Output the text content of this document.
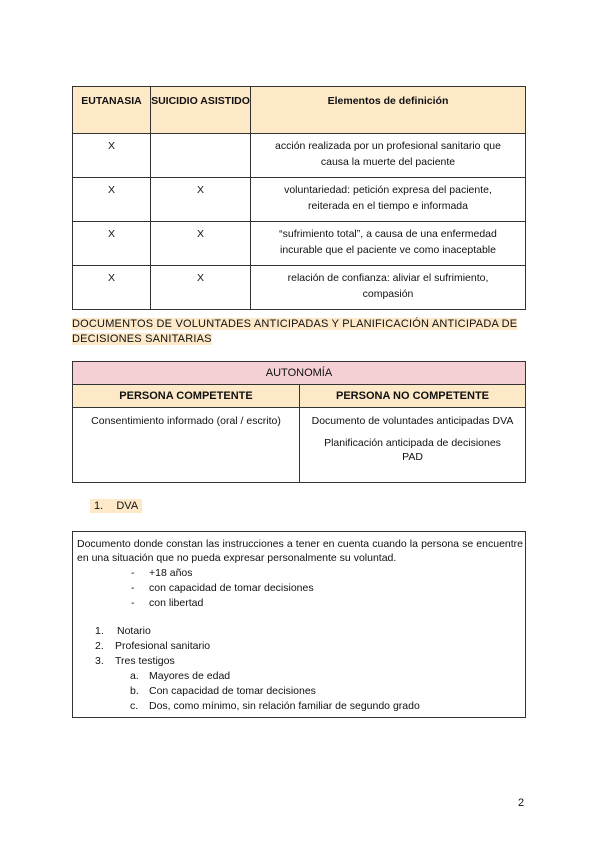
EUTANASIA	SUICIDIO ASISTIDO	Elementos de definición
X		acción realizada por un profesional sanitario que causa la muerte del paciente
X	X	voluntariedad: petición expresa del paciente, reiterada en el tiempo e informada
X	X	“sufrimiento total”, a causa de una enfermedad incurable que el paciente ve como inaceptable
X	X	relación de confianza: aliviar el sufrimiento, compasión
DOCUMENTOS DE VOLUNTADES ANTICIPADAS Y PLANIFICACIÓN ANTICIPADA DE DECISIONES SANITARIAS
AUTONOMÍA	
PERSONA COMPETENTE	PERSONA NO COMPETENTE

Consentimiento informado (oral / escrito)	Documento de voluntades anticipadas DVA
Planificación anticipada de decisiones PAD
1. DVA
Documento donde constan las instrucciones a tener en cuenta cuando la persona se encuentre en una situación que no pueda expresar personalmente su voluntad.
- +18 años
- con capacidad de tomar decisiones
- con libertad
1. Notario
2. Profesional sanitario
3. Tres testigos
a. Mayores de edad
b. Con capacidad de tomar decisiones
c. Dos, como mínimo, sin relación familiar de segundo grado
2
